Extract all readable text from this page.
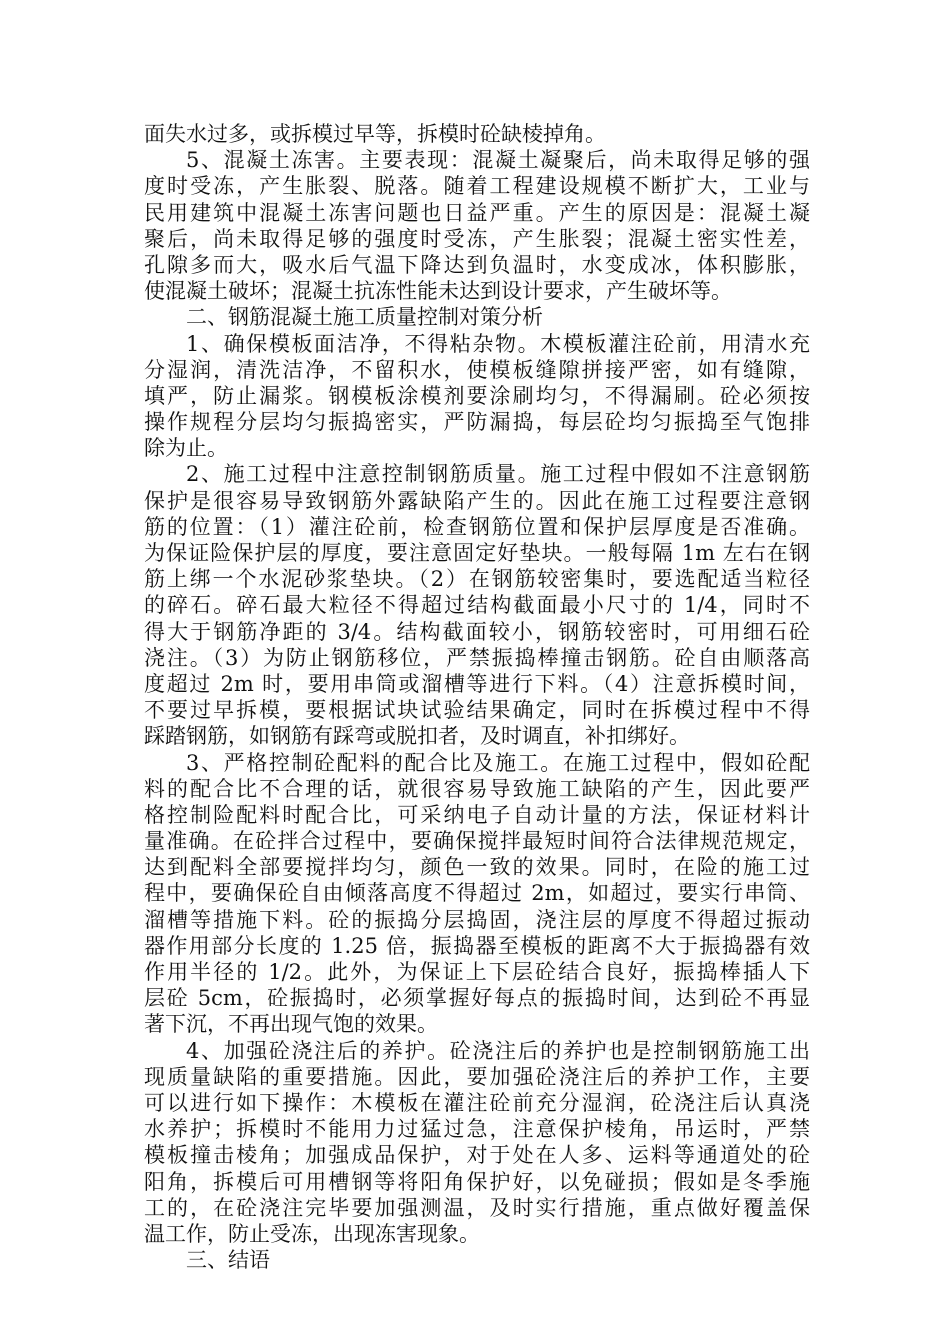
面失水过多，或拆模过早等，拆模时砼缺棱掉角。
5、混凝土冻害。主要表现：混凝土凝聚后，尚未取得足够的强
度时受冻，产生胀裂、脱落。随着工程建设规模不断扩大，工业与
民用建筑中混凝土冻害问题也日益严重。产生的原因是：混凝土凝
聚后，尚未取得足够的强度时受冻，产生胀裂；混凝土密实性差，
孔隙多而大，吸水后气温下降达到负温时，水变成冰，体积膨胀，
使混凝土破坏；混凝土抗冻性能未达到设计要求，产生破坏等。
二、钢筋混凝土施工质量控制对策分析
1、确保模板面洁净，不得粘杂物。木模板灌注砼前，用清水充
分湿润，清洗洁净，不留积水，使模板缝隙拼接严密，如有缝隙，
填严，防止漏浆。钢模板涂模剂要涂刷均匀，不得漏刷。砼必须按
操作规程分层均匀振捣密实，严防漏捣，每层砼均匀振捣至气饱排
除为止。
2、施工过程中注意控制钢筋质量。施工过程中假如不注意钢筋
保护是很容易导致钢筋外露缺陷产生的。因此在施工过程要注意钢
筋的位置：（1）灌注砼前，检查钢筋位置和保护层厚度是否准确。
为保证险保护层的厚度，要注意固定好垫块。一般每隔 1m 左右在钢
筋上绑一个水泥砂浆垫块。（2）在钢筋较密集时，要选配适当粒径
的碎石。碎石最大粒径不得超过结构截面最小尺寸的 1/4，同时不
得大于钢筋净距的 3/4。结构截面较小，钢筋较密时，可用细石砼
浇注。（3）为防止钢筋移位，严禁振捣棒撞击钢筋。砼自由顺落高
度超过 2m 时，要用串筒或溜槽等进行下料。（4）注意拆模时间，
不要过早拆模，要根据试块试验结果确定，同时在拆模过程中不得
踩踏钢筋，如钢筋有踩弯或脱扣者，及时调直，补扣绑好。
3、严格控制砼配料的配合比及施工。在施工过程中，假如砼配
料的配合比不合理的话，就很容易导致施工缺陷的产生，因此要严
格控制险配料时配合比，可采纳电子自动计量的方法，保证材料计
量准确。在砼拌合过程中，要确保搅拌最短时间符合法律规范规定，
达到配料全部要搅拌均匀，颜色一致的效果。同时，在险的施工过
程中，要确保砼自由倾落高度不得超过 2m，如超过，要实行串筒、
溜槽等措施下料。砼的振捣分层捣固，浇注层的厚度不得超过振动
器作用部分长度的 1.25 倍，振捣器至模板的距离不大于振捣器有效
作用半径的 1/2。此外，为保证上下层砼结合良好，振捣棒插人下
层砼 5cm，砼振捣时，必须掌握好每点的振捣时间，达到砼不再显
著下沉，不再出现气饱的效果。
4、加强砼浇注后的养护。砼浇注后的养护也是控制钢筋施工出
现质量缺陷的重要措施。因此，要加强砼浇注后的养护工作，主要
可以进行如下操作：木模板在灌注砼前充分湿润，砼浇注后认真浇
水养护；拆模时不能用力过猛过急，注意保护棱角，吊运时，严禁
模板撞击棱角；加强成品保护，对于处在人多、运料等通道处的砼
阳角，拆模后可用槽钢等将阳角保护好，以免碰损；假如是冬季施
工的，在砼浇注完毕要加强测温，及时实行措施，重点做好覆盖保
温工作，防止受冻，出现冻害现象。
三、结语
